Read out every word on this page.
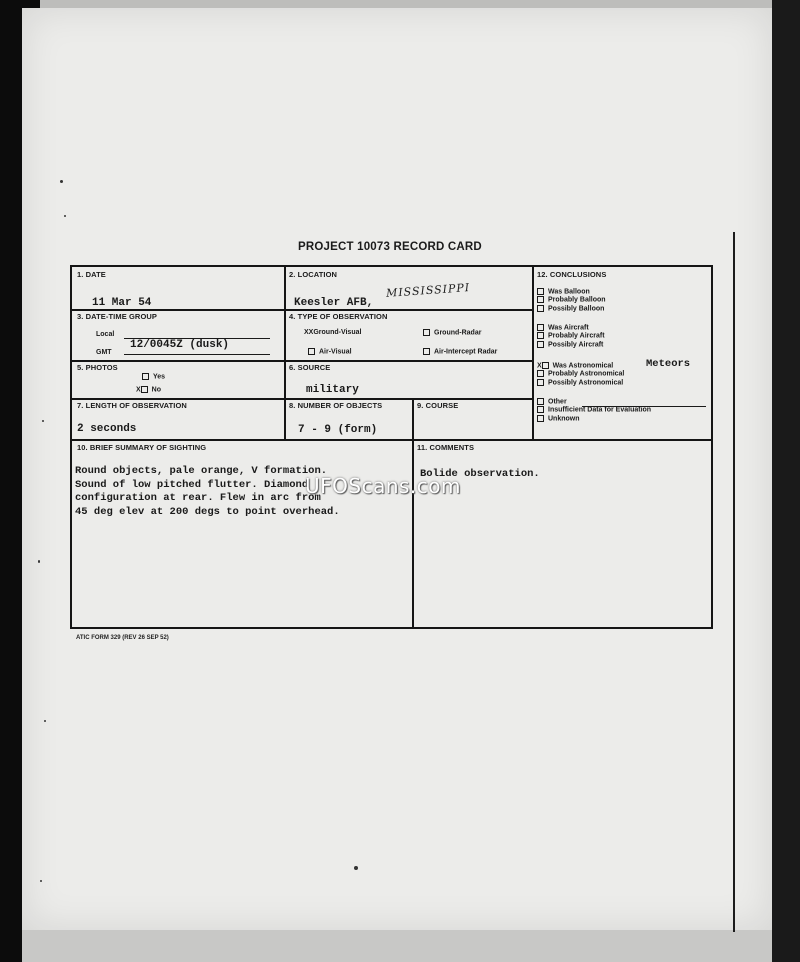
PROJECT 10073 RECORD CARD
1. DATE
11 Mar 54
2. LOCATION
Keesler AFB,
MISSISSIPPI
3. DATE-TIME GROUP
Local
GMT
12/0045Z (dusk)
4. TYPE OF OBSERVATION
XXGround-Visual	Ground-Radar
Air-Visual	Air-Intercept Radar
5. PHOTOS
Yes
X No
6. SOURCE
military
7. LENGTH OF OBSERVATION
2 seconds
8. NUMBER OF OBJECTS
7 - 9 (form)
9. COURSE
10. BRIEF SUMMARY OF SIGHTING
Round objects, pale orange, V formation.
Sound of low pitched flutter. Diamond
configuration at rear. Flew in arc from
45 deg elev at 200 degs to point overhead.
11. COMMENTS
Bolide observation.
12. CONCLUSIONS
Was Balloon
Probably Balloon
Possibly Balloon
Was Aircraft
Probably Aircraft
Possibly Aircraft
X Was Astronomical
Probably Astronomical
Possibly Astronomical
Meteors
Other
Insufficient Data for Evaluation
Unknown
UFOScans.com
ATIC FORM 329 (REV 26 SEP 52)
